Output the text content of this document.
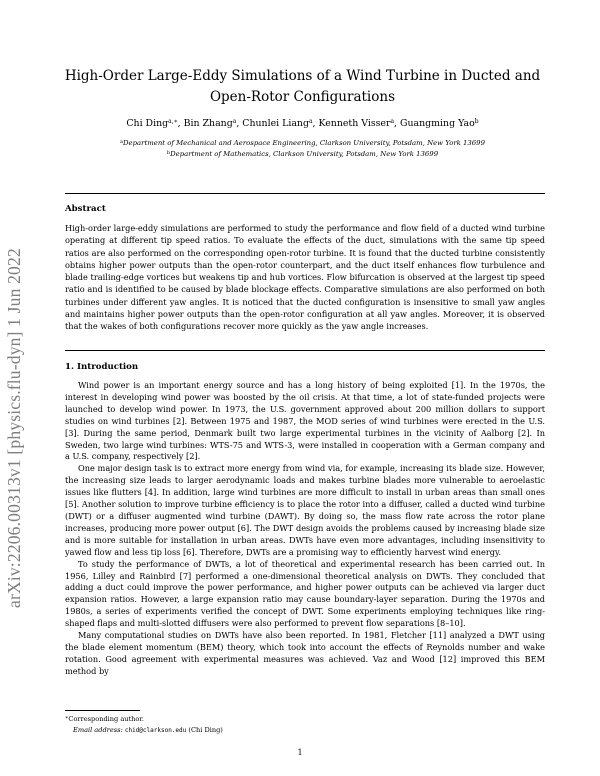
arXiv:2206.00313v1 [physics.flu-dyn] 1 Jun 2022
High-Order Large-Eddy Simulations of a Wind Turbine in Ducted and
Open-Rotor Configurations
Chi Ding$^{a,∗}$, Bin Zhang$^a$, Chunlei Liang$^a$, Kenneth Visser$^a$, Guangming Yao$^b$
$^a$Department of Mechanical and Aerospace Engineering, Clarkson University, Potsdam, New York 13699
$^b$Department of Mathematics, Clarkson University, Potsdam, New York 13699
Abstract
High-order large-eddy simulations are performed to study the performance and flow field of a ducted wind turbine operating at different tip speed ratios. To evaluate the effects of the duct, simulations with the same tip speed ratios are also performed on the corresponding open-rotor turbine. It is found that the ducted turbine consistently obtains higher power outputs than the open-rotor counterpart, and the duct itself enhances flow turbulence and blade trailing-edge vortices but weakens tip and hub vortices. Flow bifurcation is observed at the largest tip speed ratio and is identified to be caused by blade blockage effects. Comparative simulations are also performed on both turbines under different yaw angles. It is noticed that the ducted configuration is insensitive to small yaw angles and maintains higher power outputs than the open-rotor configuration at all yaw angles. Moreover, it is observed that the wakes of both configurations recover more quickly as the yaw angle increases.
1. Introduction

Wind power is an important energy source and has a long history of being exploited [1]. In the 1970s, the interest in developing wind power was boosted by the oil crisis. At that time, a lot of state-funded projects were launched to develop wind power. In 1973, the U.S. government approved about 200 million dollars to support studies on wind turbines [2]. Between 1975 and 1987, the MOD series of wind turbines were erected in the U.S. [3]. During the same period, Denmark built two large experimental turbines in the vicinity of Aalborg [2]. In Sweden, two large wind turbines: WTS-75 and WTS-3, were installed in cooperation with a German company and a U.S. company, respectively [2].

One major design task is to extract more energy from wind via, for example, increasing its blade size. However, the increasing size leads to larger aerodynamic loads and makes turbine blades more vulnerable to aeroelastic issues like flutters [4]. In addition, large wind turbines are more difficult to install in urban areas than small ones [5]. Another solution to improve turbine efficiency is to place the rotor into a diffuser, called a ducted wind turbine (DWT) or a diffuser augmented wind turbine (DAWT). By doing so, the mass flow rate across the rotor plane increases, producing more power output [6]. The DWT design avoids the problems caused by increasing blade size and is more suitable for installation in urban areas. DWTs have even more advantages, including insensitivity to yawed flow and less tip loss [6]. Therefore, DWTs are a promising way to efficiently harvest wind energy.

To study the performance of DWTs, a lot of theoretical and experimental research has been carried out. In 1956, Lilley and Rainbird [7] performed a one-dimensional theoretical analysis on DWTs. They concluded that adding a duct could improve the power performance, and higher power outputs can be achieved via larger duct expansion ratios. However, a large expansion ratio may cause boundary-layer separation. During the 1970s and 1980s, a series of experiments verified the concept of DWT. Some experiments employing techniques like ring-shaped flaps and multi-slotted diffusers were also performed to prevent flow separations [8–10].

Many computational studies on DWTs have also been reported. In 1981, Fletcher [11] analyzed a DWT using the blade element momentum (BEM) theory, which took into account the effects of Reynolds number and wake rotation. Good agreement with experimental measures was achieved. Vaz and Wood [12] improved this BEM method by

∗Corresponding author.
Email address: chid@clarkson.edu (Chi Ding)
1
